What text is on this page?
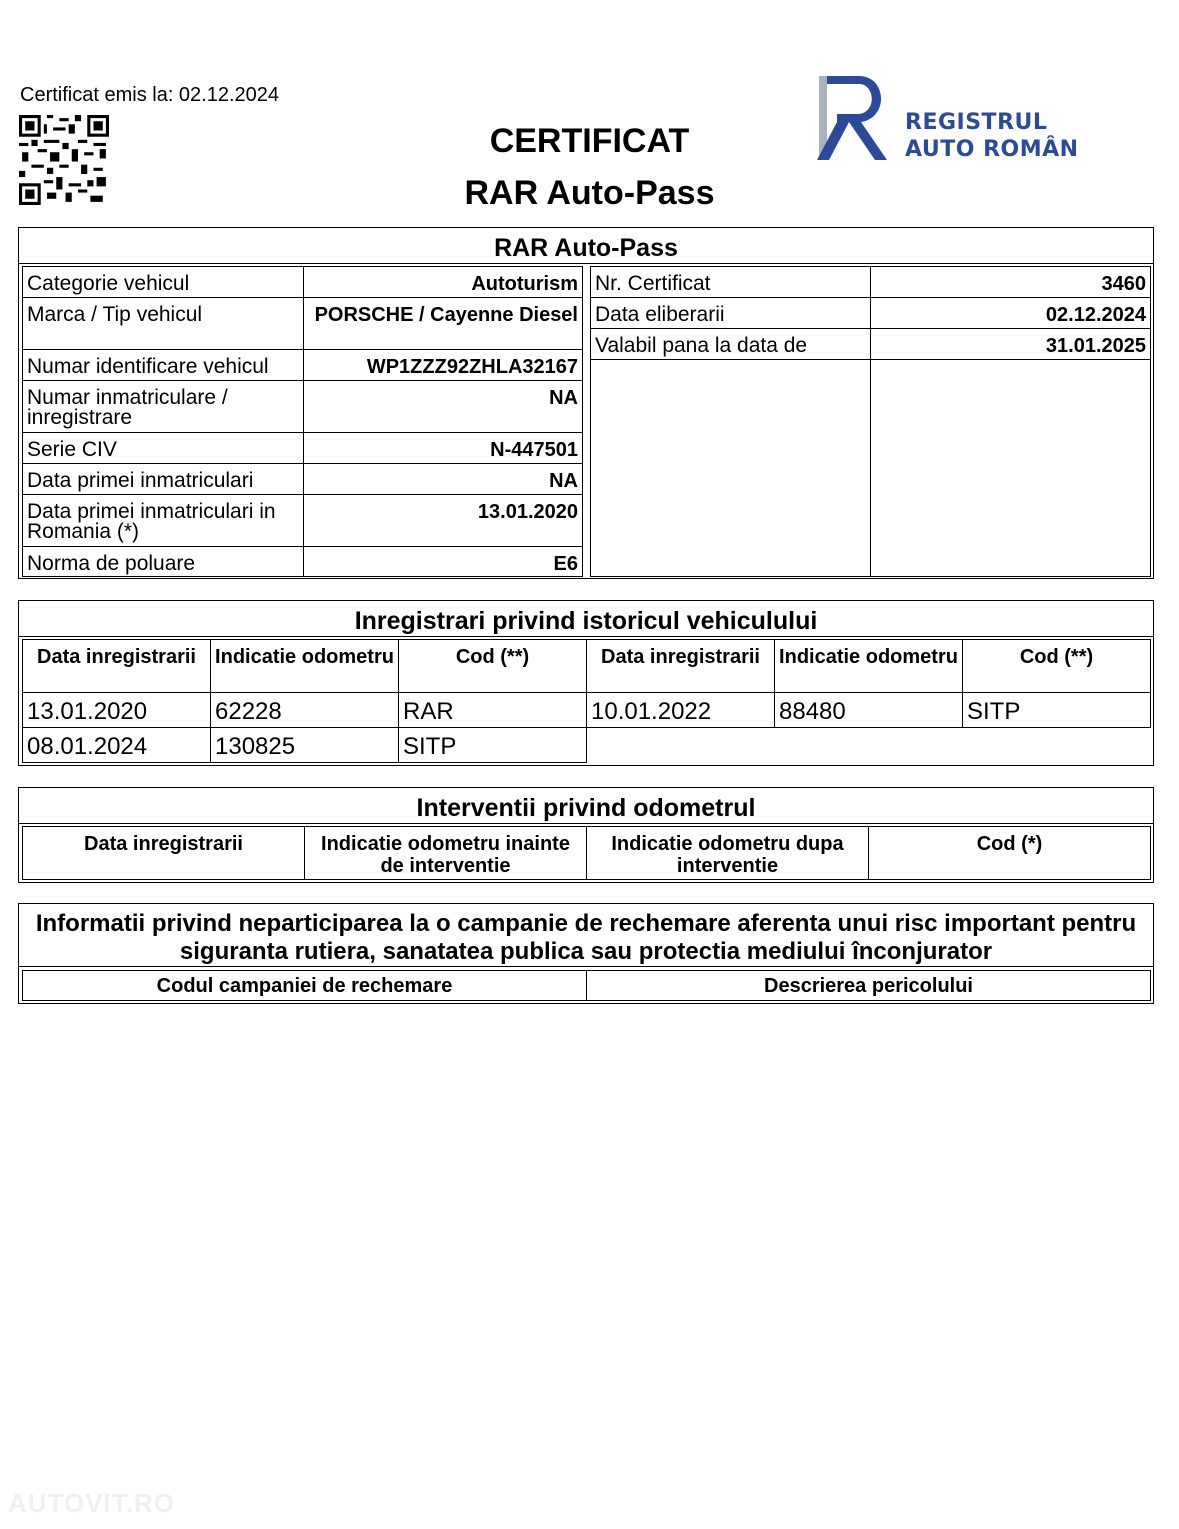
Certificat emis la: 02.12.2024
CERTIFICAT
RAR Auto-Pass
REGISTRUL
AUTO ROMÂN
RAR Auto-Pass
Categorie vehicul	Autoturism
Marca / Tip vehicul	PORSCHE / Cayenne Diesel
Numar identificare vehicul	WP1ZZZ92ZHLA32167
Numar inmatriculare / inregistrare	NA
Serie CIV	N-447501
Data primei inmatriculari	NA
Data primei inmatriculari in Romania (*)	13.01.2020
Norma de poluare	E6
Nr. Certificat	3460
Data eliberarii	02.12.2024
Valabil pana la data de	31.01.2025

Inregistrari privind istoricul vehiculului
Data inregistrarii	Indicatie odometru	Cod (**)	Data inregistrarii	Indicatie odometru	Cod (**)
13.01.2020	62228	RAR	10.01.2022	88480	SITP
08.01.2024	130825	SITP			
Interventii privind odometrul
Data inregistrarii	Indicatie odometru inainte de interventie	Indicatie odometru dupa interventie	Cod (*)
Informatii privind neparticiparea la o campanie de rechemare aferenta unui risc important pentru siguranta rutiera, sanatatea publica sau protectia mediului înconjurator
Codul campaniei de rechemare	Descrierea pericolului
AUTOVIT.RO
